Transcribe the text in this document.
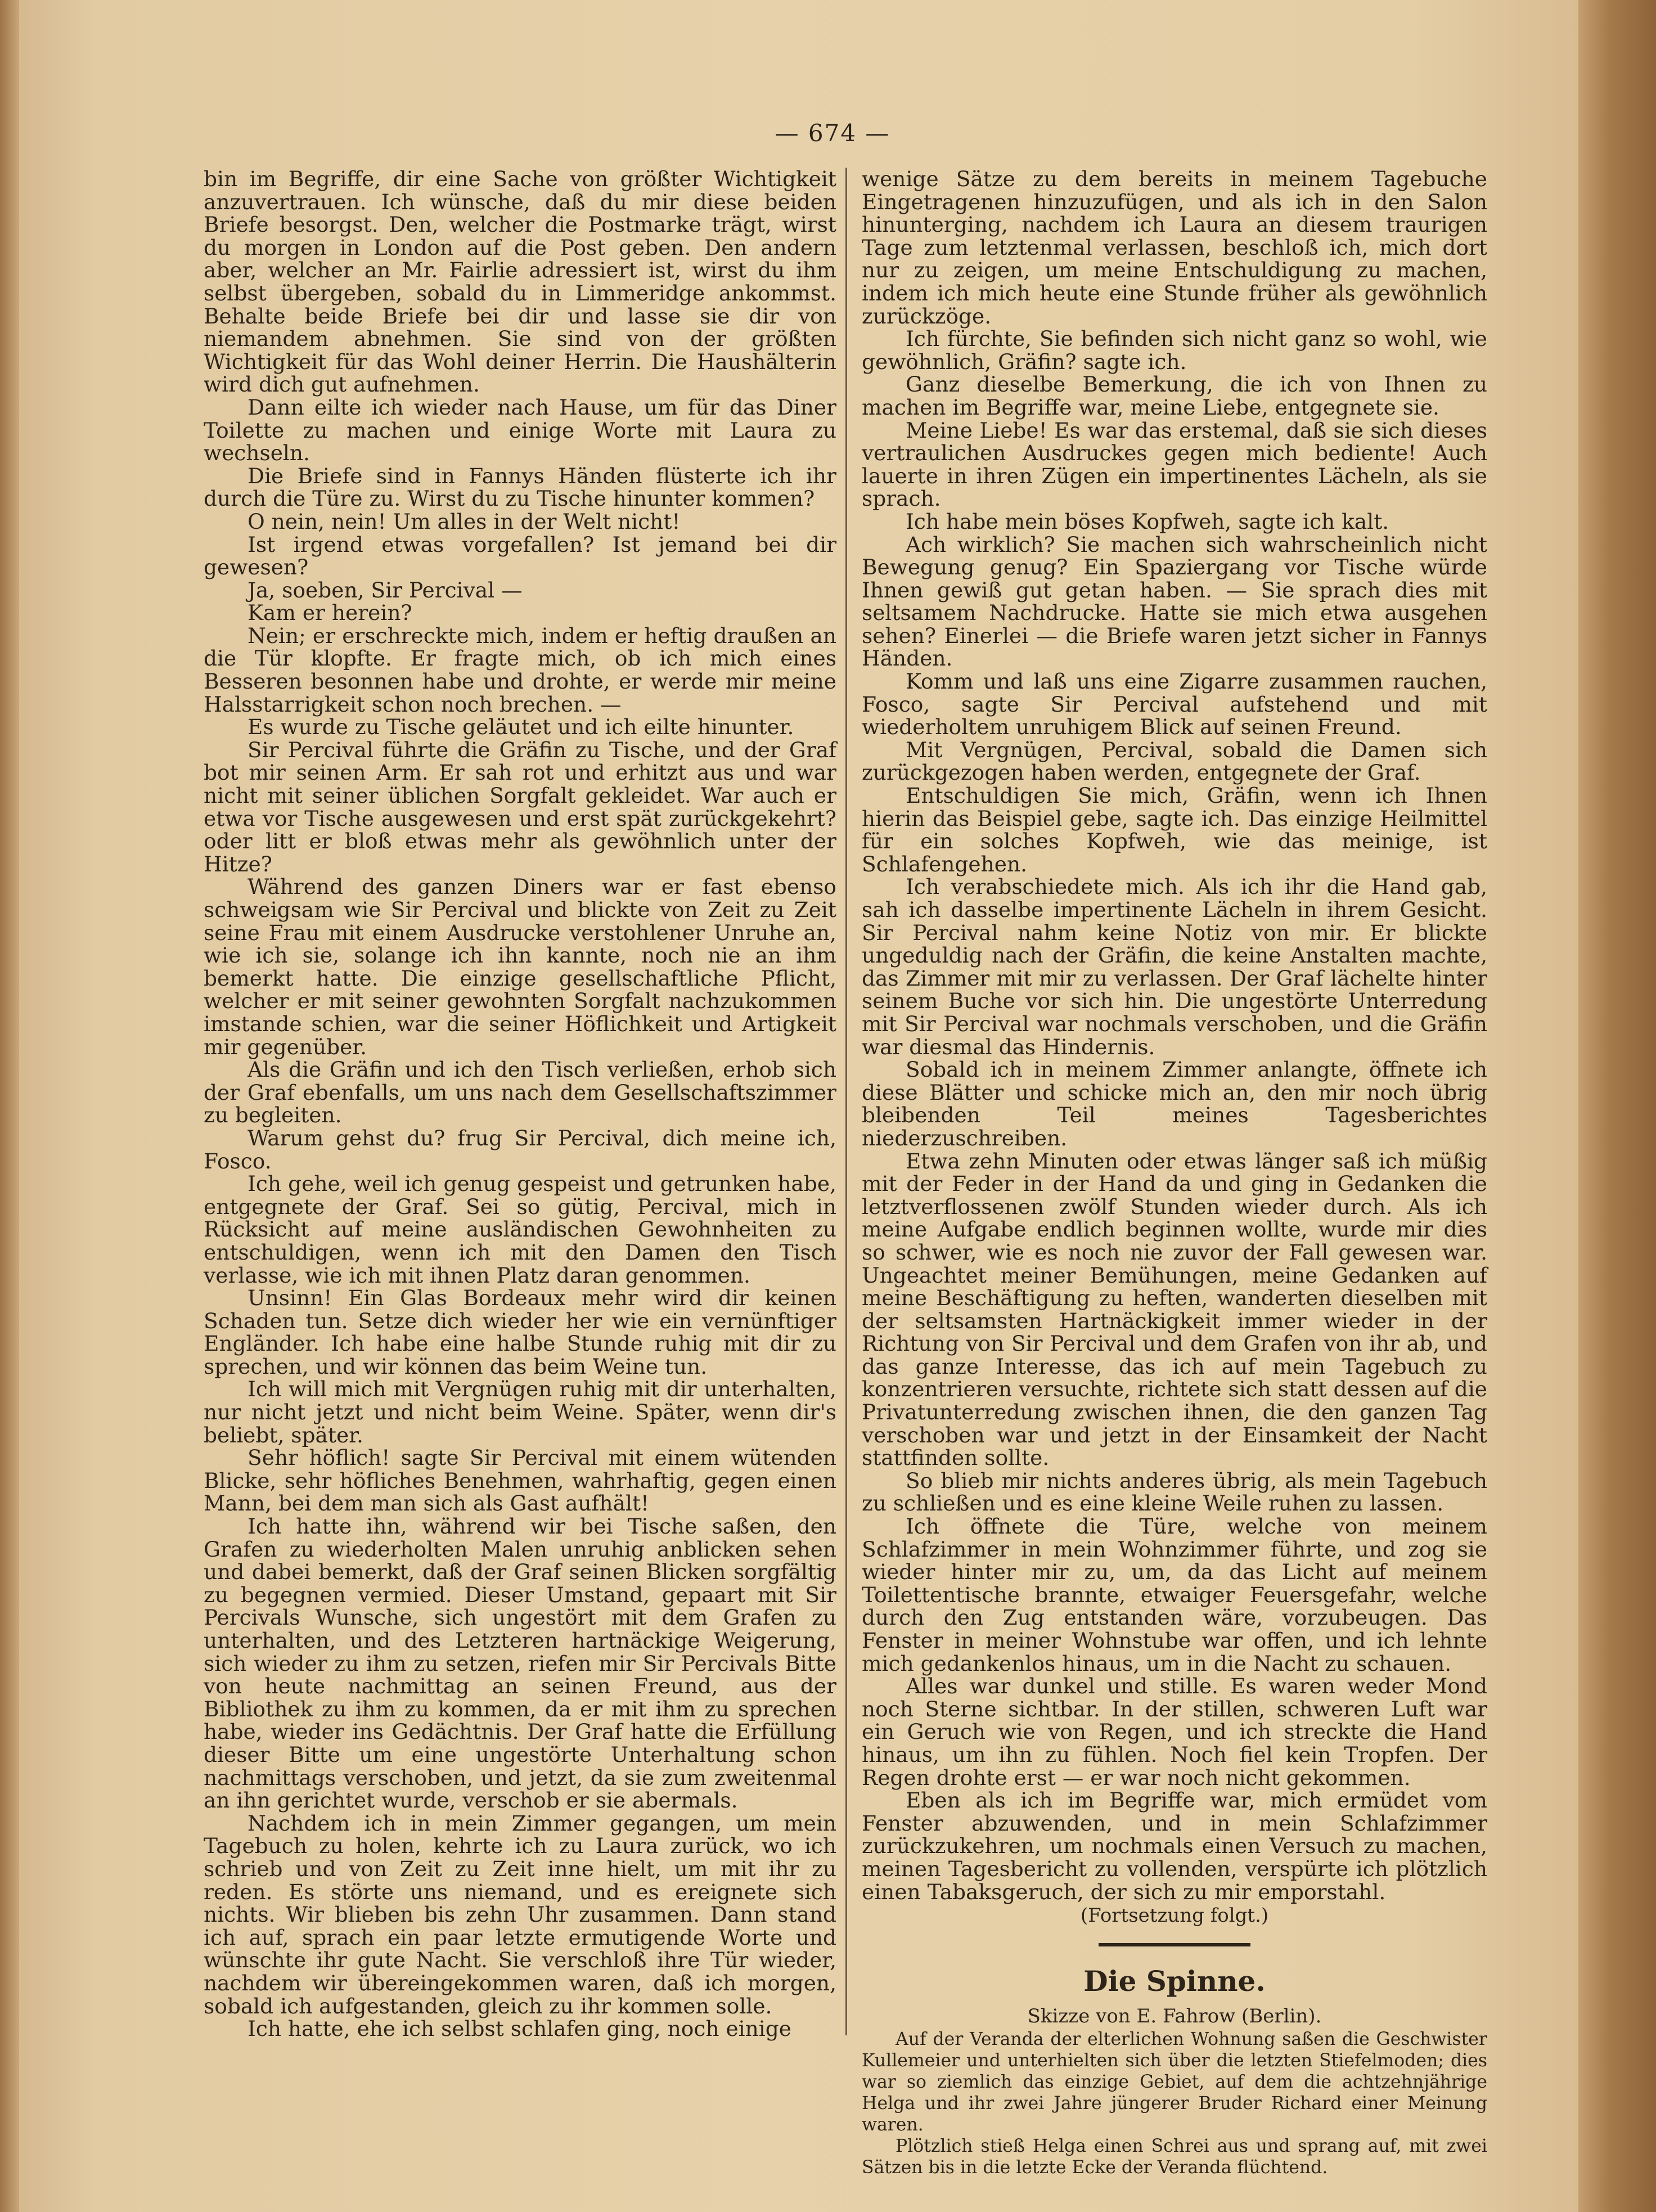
— 674 —

bin im Begriffe, dir eine Sache von größter Wichtigkeit anzuvertrauen. Ich wünsche, daß du mir diese beiden Briefe besorgst. Den, welcher die Postmarke trägt, wirst du morgen in London auf die Post geben. Den andern aber, welcher an Mr. Fairlie adressiert ist, wirst du ihm selbst übergeben, sobald du in Limmeridge ankommst. Behalte beide Briefe bei dir und lasse sie dir von niemandem abnehmen. Sie sind von der größten Wichtigkeit für das Wohl deiner Herrin. Die Haushälterin wird dich gut aufnehmen.

Dann eilte ich wieder nach Hause, um für das Diner Toilette zu machen und einige Worte mit Laura zu wechseln.

Die Briefe sind in Fannys Händen flüsterte ich ihr durch die Türe zu. Wirst du zu Tische hinunter kommen?

O nein, nein! Um alles in der Welt nicht!

Ist irgend etwas vorgefallen? Ist jemand bei dir gewesen?

Ja, soeben, Sir Percival —

Kam er herein?

Nein; er erschreckte mich, indem er heftig draußen an die Tür klopfte. Er fragte mich, ob ich mich eines Besseren besonnen habe und drohte, er werde mir meine Halsstarrigkeit schon noch brechen. —

Es wurde zu Tische geläutet und ich eilte hinunter.

Sir Percival führte die Gräfin zu Tische, und der Graf bot mir seinen Arm. Er sah rot und erhitzt aus und war nicht mit seiner üblichen Sorgfalt gekleidet. War auch er etwa vor Tische ausgewesen und erst spät zurückgekehrt? oder litt er bloß etwas mehr als gewöhnlich unter der Hitze?

Während des ganzen Diners war er fast ebenso schweigsam wie Sir Percival und blickte von Zeit zu Zeit seine Frau mit einem Ausdrucke verstohlener Unruhe an, wie ich sie, solange ich ihn kannte, noch nie an ihm bemerkt hatte. Die einzige gesellschaftliche Pflicht, welcher er mit seiner gewohnten Sorgfalt nachzukommen imstande schien, war die seiner Höflichkeit und Artigkeit mir gegenüber.

Als die Gräfin und ich den Tisch verließen, erhob sich der Graf ebenfalls, um uns nach dem Gesellschaftszimmer zu begleiten.

Warum gehst du? frug Sir Percival, dich meine ich, Fosco.

Ich gehe, weil ich genug gespeist und getrunken habe, entgegnete der Graf. Sei so gütig, Percival, mich in Rücksicht auf meine ausländischen Gewohnheiten zu entschuldigen, wenn ich mit den Damen den Tisch verlasse, wie ich mit ihnen Platz daran genommen.

Unsinn! Ein Glas Bordeaux mehr wird dir keinen Schaden tun. Setze dich wieder her wie ein vernünftiger Engländer. Ich habe eine halbe Stunde ruhig mit dir zu sprechen, und wir können das beim Weine tun.

Ich will mich mit Vergnügen ruhig mit dir unterhalten, nur nicht jetzt und nicht beim Weine. Später, wenn dir's beliebt, später.

Sehr höflich! sagte Sir Percival mit einem wütenden Blicke, sehr höfliches Benehmen, wahrhaftig, gegen einen Mann, bei dem man sich als Gast aufhält!

Ich hatte ihn, während wir bei Tische saßen, den Grafen zu wiederholten Malen unruhig anblicken sehen und dabei bemerkt, daß der Graf seinen Blicken sorgfältig zu begegnen vermied. Dieser Umstand, gepaart mit Sir Percivals Wunsche, sich ungestört mit dem Grafen zu unterhalten, und des Letzteren hartnäckige Weigerung, sich wieder zu ihm zu setzen, riefen mir Sir Percivals Bitte von heute nachmittag an seinen Freund, aus der Bibliothek zu ihm zu kommen, da er mit ihm zu sprechen habe, wieder ins Gedächtnis. Der Graf hatte die Erfüllung dieser Bitte um eine ungestörte Unterhaltung schon nachmittags verschoben, und jetzt, da sie zum zweitenmal an ihn gerichtet wurde, verschob er sie abermals.

Nachdem ich in mein Zimmer gegangen, um mein Tagebuch zu holen, kehrte ich zu Laura zurück, wo ich schrieb und von Zeit zu Zeit inne hielt, um mit ihr zu reden. Es störte uns niemand, und es ereignete sich nichts. Wir blieben bis zehn Uhr zusammen. Dann stand ich auf, sprach ein paar letzte ermutigende Worte und wünschte ihr gute Nacht. Sie verschloß ihre Tür wieder, nachdem wir übereingekommen waren, daß ich morgen, sobald ich aufgestanden, gleich zu ihr kommen solle.

Ich hatte, ehe ich selbst schlafen ging, noch einige

wenige Sätze zu dem bereits in meinem Tagebuche Eingetragenen hinzuzufügen, und als ich in den Salon hinunterging, nachdem ich Laura an diesem traurigen Tage zum letztenmal verlassen, beschloß ich, mich dort nur zu zeigen, um meine Entschuldigung zu machen, indem ich mich heute eine Stunde früher als gewöhnlich zurückzöge.

Ich fürchte, Sie befinden sich nicht ganz so wohl, wie gewöhnlich, Gräfin? sagte ich.

Ganz dieselbe Bemerkung, die ich von Ihnen zu machen im Begriffe war, meine Liebe, entgegnete sie.

Meine Liebe! Es war das erstemal, daß sie sich dieses vertraulichen Ausdruckes gegen mich bediente! Auch lauerte in ihren Zügen ein impertinentes Lächeln, als sie sprach.

Ich habe mein böses Kopfweh, sagte ich kalt.

Ach wirklich? Sie machen sich wahrscheinlich nicht Bewegung genug? Ein Spaziergang vor Tische würde Ihnen gewiß gut getan haben. — Sie sprach dies mit seltsamem Nachdrucke. Hatte sie mich etwa ausgehen sehen? Einerlei — die Briefe waren jetzt sicher in Fannys Händen.

Komm und laß uns eine Zigarre zusammen rauchen, Fosco, sagte Sir Percival aufstehend und mit wiederholtem unruhigem Blick auf seinen Freund.

Mit Vergnügen, Percival, sobald die Damen sich zurückgezogen haben werden, entgegnete der Graf.

Entschuldigen Sie mich, Gräfin, wenn ich Ihnen hierin das Beispiel gebe, sagte ich. Das einzige Heilmittel für ein solches Kopfweh, wie das meinige, ist Schlafengehen.

Ich verabschiedete mich. Als ich ihr die Hand gab, sah ich dasselbe impertinente Lächeln in ihrem Gesicht. Sir Percival nahm keine Notiz von mir. Er blickte ungeduldig nach der Gräfin, die keine Anstalten machte, das Zimmer mit mir zu verlassen. Der Graf lächelte hinter seinem Buche vor sich hin. Die ungestörte Unterredung mit Sir Percival war nochmals verschoben, und die Gräfin war diesmal das Hindernis.

Sobald ich in meinem Zimmer anlangte, öffnete ich diese Blätter und schicke mich an, den mir noch übrig bleibenden Teil meines Tagesberichtes niederzuschreiben.

Etwa zehn Minuten oder etwas länger saß ich müßig mit der Feder in der Hand da und ging in Gedanken die letztverflossenen zwölf Stunden wieder durch. Als ich meine Aufgabe endlich beginnen wollte, wurde mir dies so schwer, wie es noch nie zuvor der Fall gewesen war. Ungeachtet meiner Bemühungen, meine Gedanken auf meine Beschäftigung zu heften, wanderten dieselben mit der seltsamsten Hartnäckigkeit immer wieder in der Richtung von Sir Percival und dem Grafen von ihr ab, und das ganze Interesse, das ich auf mein Tagebuch zu konzentrieren versuchte, richtete sich statt dessen auf die Privatunterredung zwischen ihnen, die den ganzen Tag verschoben war und jetzt in der Einsamkeit der Nacht stattfinden sollte.

So blieb mir nichts anderes übrig, als mein Tagebuch zu schließen und es eine kleine Weile ruhen zu lassen.

Ich öffnete die Türe, welche von meinem Schlafzimmer in mein Wohnzimmer führte, und zog sie wieder hinter mir zu, um, da das Licht auf meinem Toilettentische brannte, etwaiger Feuersgefahr, welche durch den Zug entstanden wäre, vorzubeugen. Das Fenster in meiner Wohnstube war offen, und ich lehnte mich gedankenlos hinaus, um in die Nacht zu schauen.

Alles war dunkel und stille. Es waren weder Mond noch Sterne sichtbar. In der stillen, schweren Luft war ein Geruch wie von Regen, und ich streckte die Hand hinaus, um ihn zu fühlen. Noch fiel kein Tropfen. Der Regen drohte erst — er war noch nicht gekommen.

Eben als ich im Begriffe war, mich ermüdet vom Fenster abzuwenden, und in mein Schlafzimmer zurückzukehren, um nochmals einen Versuch zu machen, meinen Tagesbericht zu vollenden, verspürte ich plötzlich einen Tabaksgeruch, der sich zu mir emporstahl.

(Fortsetzung folgt.)
Die Spinne.
Skizze von E. Fahrow (Berlin).

Auf der Veranda der elterlichen Wohnung saßen die Geschwister Kullemeier und unterhielten sich über die letzten Stiefelmoden; dies war so ziemlich das einzige Gebiet, auf dem die achtzehnjährige Helga und ihr zwei Jahre jüngerer Bruder Richard einer Meinung waren.

Plötzlich stieß Helga einen Schrei aus und sprang auf, mit zwei Sätzen bis in die letzte Ecke der Veranda flüchtend.
